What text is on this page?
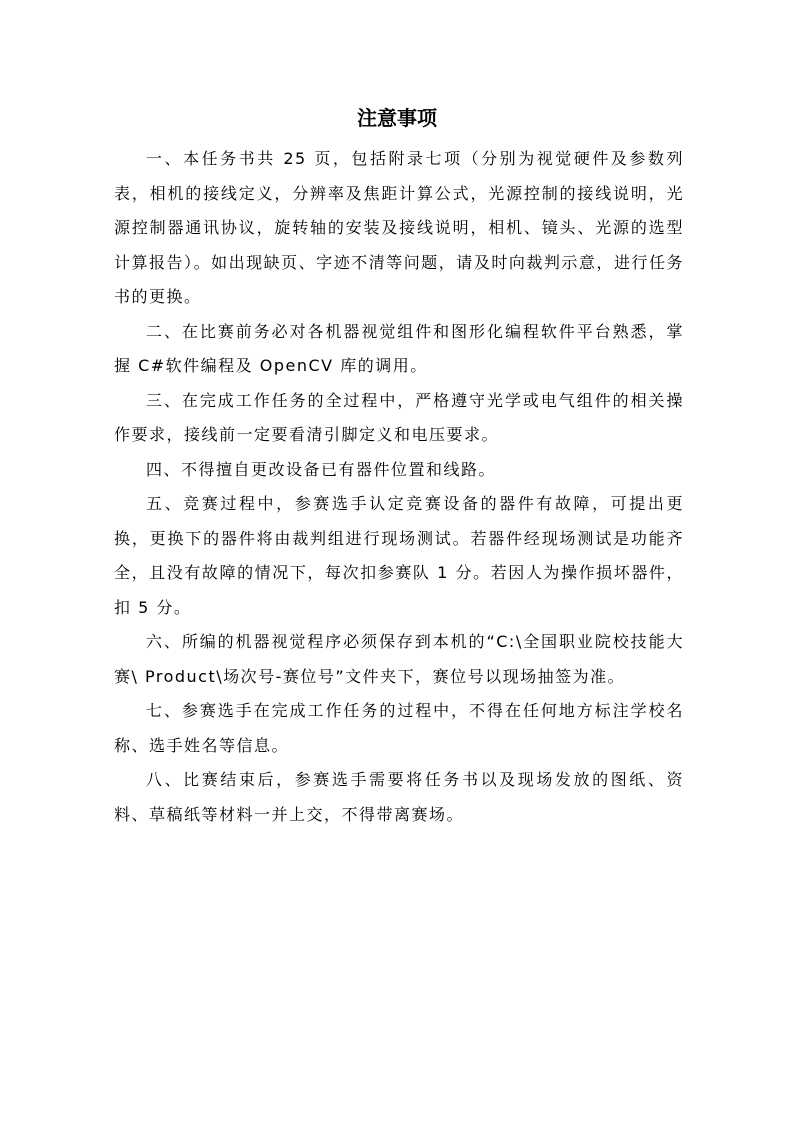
注意事项

一、本任务书共 25 页，包括附录七项（分别为视觉硬件及参数列表，相机的接线定义，分辨率及焦距计算公式，光源控制的接线说明，光源控制器通讯协议，旋转轴的安装及接线说明，相机、镜头、光源的选型计算报告）。如出现缺页、字迹不清等问题，请及时向裁判示意，进行任务书的更换。

二、在比赛前务必对各机器视觉组件和图形化编程软件平台熟悉，掌握 C#软件编程及 OpenCV 库的调用。

三、在完成工作任务的全过程中，严格遵守光学或电气组件的相关操作要求，接线前一定要看清引脚定义和电压要求。

四、不得擅自更改设备已有器件位置和线路。

五、竞赛过程中，参赛选手认定竞赛设备的器件有故障，可提出更换，更换下的器件将由裁判组进行现场测试。若器件经现场测试是功能齐全，且没有故障的情况下，每次扣参赛队 1 分。若因人为操作损坏器件，扣 5 分。

六、所编的机器视觉程序必须保存到本机的“C:\全国职业院校技能大赛\ Product\场次号-赛位号”文件夹下，赛位号以现场抽签为准。

七、参赛选手在完成工作任务的过程中，不得在任何地方标注学校名称、选手姓名等信息。

八、比赛结束后，参赛选手需要将任务书以及现场发放的图纸、资料、草稿纸等材料一并上交，不得带离赛场。
